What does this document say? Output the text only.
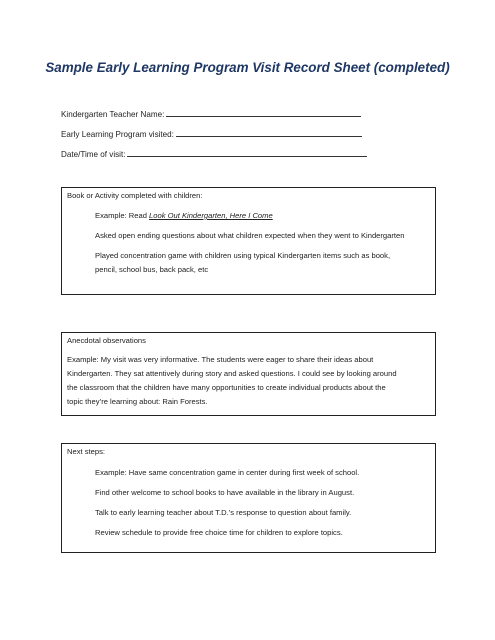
Sample Early Learning Program Visit Record Sheet (completed)
Kindergarten Teacher Name:
Early Learning Program visited:
Date/Time of visit:
Book or Activity completed with children:
Example: Read Look Out Kindergarten, Here I Come
Asked open ending questions about what children expected when they went to Kindergarten
Played concentration game with children using typical Kindergarten items such as book,
pencil, school bus, back pack, etc
Anecdotal observations
Example: My visit was very informative. The students were eager to share their ideas about
Kindergarten. They sat attentively during story and asked questions. I could see by looking around
the classroom that the children have many opportunities to create individual products about the
topic they’re learning about: Rain Forests.
Next steps:
Example: Have same concentration game in center during first week of school.
Find other welcome to school books to have available in the library in August.
Talk to early learning teacher about T.D.’s response to question about family.
Review schedule to provide free choice time for children to explore topics.
